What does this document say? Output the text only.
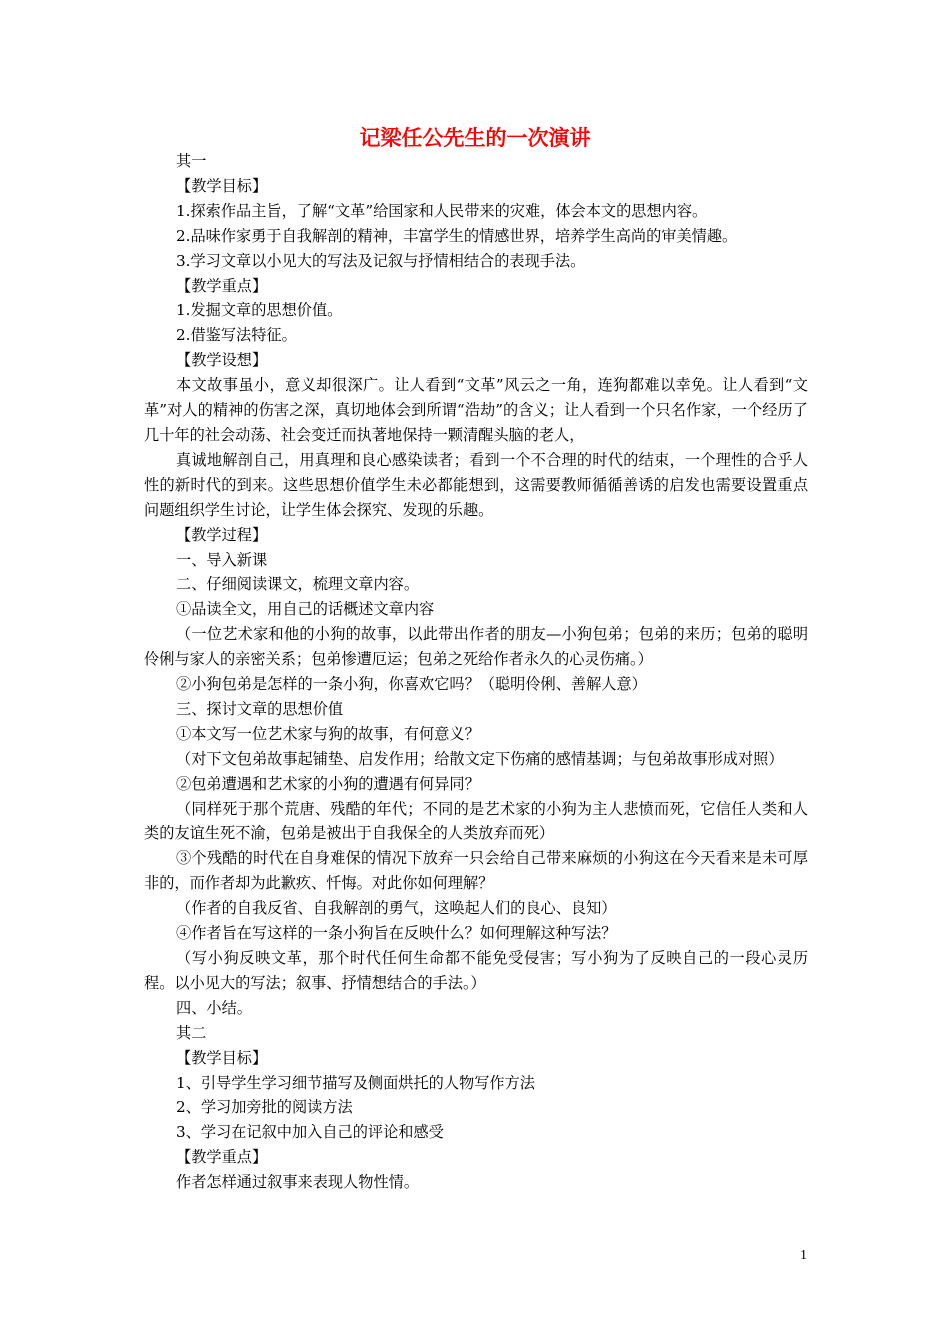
记梁任公先生的一次演讲

其一

【教学目标】

1.探索作品主旨，了解“文革”给国家和人民带来的灾难，体会本文的思想内容。

2.品味作家勇于自我解剖的精神，丰富学生的情感世界，培养学生高尚的审美情趣。

3.学习文章以小见大的写法及记叙与抒情相结合的表现手法。

【教学重点】

1.发掘文章的思想价值。

2.借鉴写法特征。

【教学设想】

本文故事虽小，意义却很深广。让人看到“文革”风云之一角，连狗都难以幸免。让人看到“文革”对人的精神的伤害之深，真切地体会到所谓“浩劫”的含义；让人看到一个只名作家，一个经历了几十年的社会动荡、社会变迁而执著地保持一颗清醒头脑的老人，

真诚地解剖自己，用真理和良心感染读者；看到一个不合理的时代的结束，一个理性的合乎人性的新时代的到来。这些思想价值学生未必都能想到，这需要教师循循善诱的启发也需要设置重点问题组织学生讨论，让学生体会探究、发现的乐趣。

【教学过程】

一、导入新课

二、仔细阅读课文，梳理文章内容。

①品读全文，用自己的话概述文章内容

（一位艺术家和他的小狗的故事，以此带出作者的朋友—小狗包弟；包弟的来历；包弟的聪明伶俐与家人的亲密关系；包弟惨遭厄运；包弟之死给作者永久的心灵伤痛。）

②小狗包弟是怎样的一条小狗，你喜欢它吗？（聪明伶俐、善解人意）

三、探讨文章的思想价值

①本文写一位艺术家与狗的故事，有何意义？

（对下文包弟故事起铺垫、启发作用；给散文定下伤痛的感情基调；与包弟故事形成对照）

②包弟遭遇和艺术家的小狗的遭遇有何异同？

（同样死于那个荒唐、残酷的年代；不同的是艺术家的小狗为主人悲愤而死，它信任人类和人类的友谊生死不渝，包弟是被出于自我保全的人类放弃而死）

③个残酷的时代在自身难保的情况下放弃一只会给自己带来麻烦的小狗这在今天看来是未可厚非的，而作者却为此歉疚、忏悔。对此你如何理解？

（作者的自我反省、自我解剖的勇气，这唤起人们的良心、良知）

④作者旨在写这样的一条小狗旨在反映什么？如何理解这种写法？

（写小狗反映文革，那个时代任何生命都不能免受侵害；写小狗为了反映自己的一段心灵历程。以小见大的写法；叙事、抒情想结合的手法。）

四、小结。

其二

【教学目标】

1、引导学生学习细节描写及侧面烘托的人物写作方法

2、学习加旁批的阅读方法

3、学习在记叙中加入自己的评论和感受

【教学重点】

作者怎样通过叙事来表现人物性情。

1
